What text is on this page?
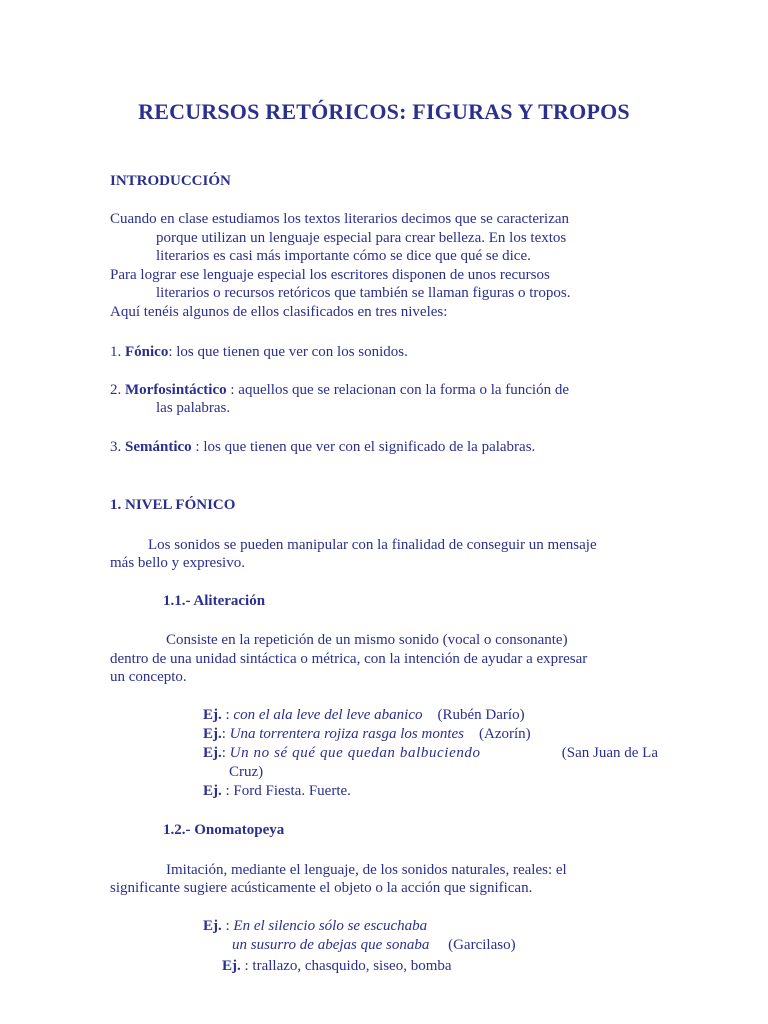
RECURSOS RETÓRICOS: FIGURAS Y TROPOS
INTRODUCCIÓN

Cuando en clase estudiamos los textos literarios decimos que se caracterizan

porque utilizan un lenguaje especial para crear belleza. En los textos

literarios es casi más importante cómo se dice que qué se dice.

Para lograr ese lenguaje especial los escritores disponen de unos recursos

literarios o recursos retóricos que también se llaman figuras o tropos.

Aquí tenéis algunos de ellos clasificados en tres niveles:

1. Fónico: los que tienen que ver con los sonidos.

2. Morfosintáctico : aquellos que se relacionan con la forma o la función de

las palabras.

3. Semántico : los que tienen que ver con el significado de la palabras.

1. NIVEL FÓNICO

Los sonidos se pueden manipular con la finalidad de conseguir un mensaje

más bello y expresivo.

1.1.- Aliteración

Consiste en la repetición de un mismo sonido (vocal o consonante)

dentro de una unidad sintáctica o métrica, con la intención de ayudar a expresar

un concepto.

Ej. : con el ala leve del leve abanico (Rubén Darío)

Ej.: Una torrentera rojiza rasga los montes (Azorín)

Ej.: Un no sé qué que quedan balbuciendo	(San Juan de La

Cruz)

Ej. : Ford Fiesta. Fuerte.

1.2.- Onomatopeya

Imitación, mediante el lenguaje, de los sonidos naturales, reales: el

significante sugiere acústicamente el objeto o la acción que significan.

Ej. : En el silencio sólo se escuchaba

un susurro de abejas que sonaba (Garcilaso)

Ej. : trallazo, chasquido, siseo, bomba
